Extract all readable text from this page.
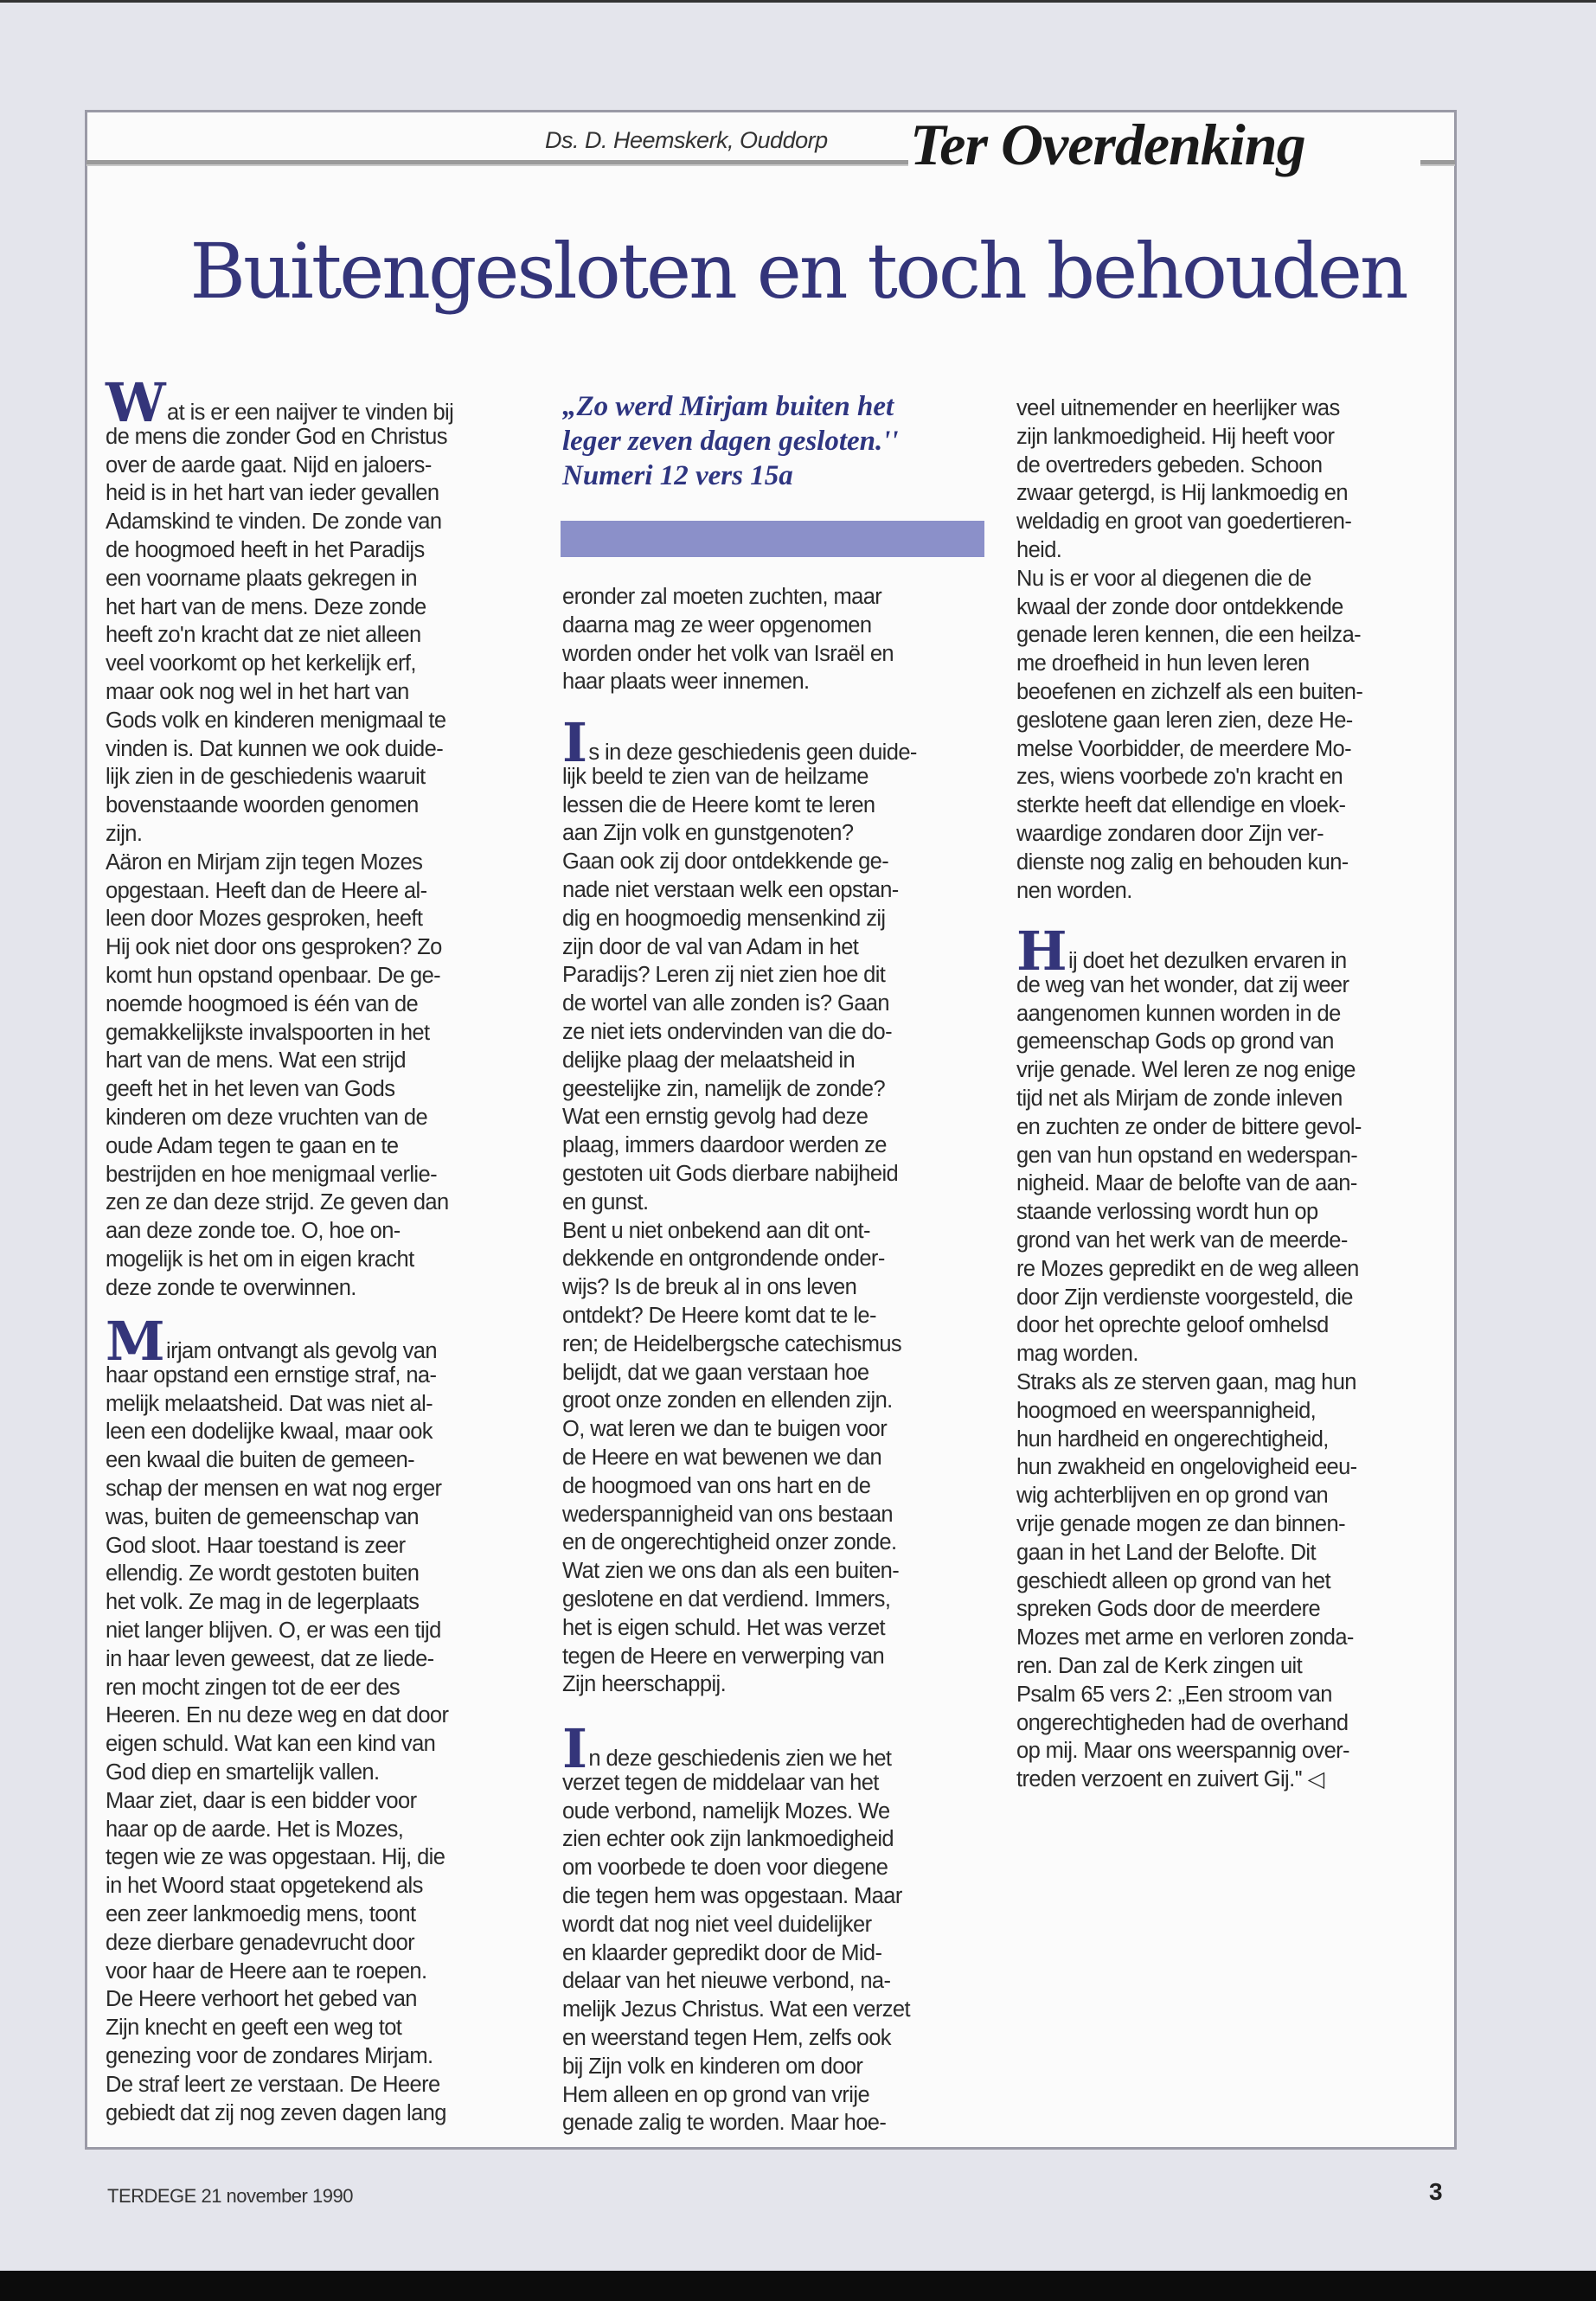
Ds. D. Heemskerk, Ouddorp Ter Overdenking
Buitengesloten en toch behouden
„Zo werd Mirjam buiten het
leger zeven dagen gesloten.''
Numeri 12 vers 15a
Wat is er een naijver te vinden bij
de mens die zonder God en Christus
over de aarde gaat. Nijd en jaloers-
heid is in het hart van ieder gevallen
Adamskind te vinden. De zonde van
de hoogmoed heeft in het Paradijs
een voorname plaats gekregen in
het hart van de mens. Deze zonde
heeft zo'n kracht dat ze niet alleen
veel voorkomt op het kerkelijk erf,
maar ook nog wel in het hart van
Gods volk en kinderen menigmaal te
vinden is. Dat kunnen we ook duide-
lijk zien in de geschiedenis waaruit
bovenstaande woorden genomen
zijn.
Aäron en Mirjam zijn tegen Mozes
opgestaan. Heeft dan de Heere al-
leen door Mozes gesproken, heeft
Hij ook niet door ons gesproken? Zo
komt hun opstand openbaar. De ge-
noemde hoogmoed is één van de
gemakkelijkste invalspoorten in het
hart van de mens. Wat een strijd
geeft het in het leven van Gods
kinderen om deze vruchten van de
oude Adam tegen te gaan en te
bestrijden en hoe menigmaal verlie-
zen ze dan deze strijd. Ze geven dan
aan deze zonde toe. O, hoe on-
mogelijk is het om in eigen kracht
deze zonde te overwinnen.
Mirjam ontvangt als gevolg van
haar opstand een ernstige straf, na-
melijk melaatsheid. Dat was niet al-
leen een dodelijke kwaal, maar ook
een kwaal die buiten de gemeen-
schap der mensen en wat nog erger
was, buiten de gemeenschap van
God sloot. Haar toestand is zeer
ellendig. Ze wordt gestoten buiten
het volk. Ze mag in de legerplaats
niet langer blijven. O, er was een tijd
in haar leven geweest, dat ze liede-
ren mocht zingen tot de eer des
Heeren. En nu deze weg en dat door
eigen schuld. Wat kan een kind van
God diep en smartelijk vallen.
Maar ziet, daar is een bidder voor
haar op de aarde. Het is Mozes,
tegen wie ze was opgestaan. Hij, die
in het Woord staat opgetekend als
een zeer lankmoedig mens, toont
deze dierbare genadevrucht door
voor haar de Heere aan te roepen.
De Heere verhoort het gebed van
Zijn knecht en geeft een weg tot
genezing voor de zondares Mirjam.
De straf leert ze verstaan. De Heere
gebiedt dat zij nog zeven dagen lang
eronder zal moeten zuchten, maar
daarna mag ze weer opgenomen
worden onder het volk van Israël en
haar plaats weer innemen.
Is in deze geschiedenis geen duide-
lijk beeld te zien van de heilzame
lessen die de Heere komt te leren
aan Zijn volk en gunstgenoten?
Gaan ook zij door ontdekkende ge-
nade niet verstaan welk een opstan-
dig en hoogmoedig mensenkind zij
zijn door de val van Adam in het
Paradijs? Leren zij niet zien hoe dit
de wortel van alle zonden is? Gaan
ze niet iets ondervinden van die do-
delijke plaag der melaatsheid in
geestelijke zin, namelijk de zonde?
Wat een ernstig gevolg had deze
plaag, immers daardoor werden ze
gestoten uit Gods dierbare nabijheid
en gunst.
Bent u niet onbekend aan dit ont-
dekkende en ontgrondende onder-
wijs? Is de breuk al in ons leven
ontdekt? De Heere komt dat te le-
ren; de Heidelbergsche catechismus
belijdt, dat we gaan verstaan hoe
groot onze zonden en ellenden zijn.
O, wat leren we dan te buigen voor
de Heere en wat bewenen we dan
de hoogmoed van ons hart en de
wederspannigheid van ons bestaan
en de ongerechtigheid onzer zonde.
Wat zien we ons dan als een buiten-
geslotene en dat verdiend. Immers,
het is eigen schuld. Het was verzet
tegen de Heere en verwerping van
Zijn heerschappij.
In deze geschiedenis zien we het
verzet tegen de middelaar van het
oude verbond, namelijk Mozes. We
zien echter ook zijn lankmoedigheid
om voorbede te doen voor diegene
die tegen hem was opgestaan. Maar
wordt dat nog niet veel duidelijker
en klaarder gepredikt door de Mid-
delaar van het nieuwe verbond, na-
melijk Jezus Christus. Wat een verzet
en weerstand tegen Hem, zelfs ook
bij Zijn volk en kinderen om door
Hem alleen en op grond van vrije
genade zalig te worden. Maar hoe-
veel uitnemender en heerlijker was
zijn lankmoedigheid. Hij heeft voor
de overtreders gebeden. Schoon
zwaar getergd, is Hij lankmoedig en
weldadig en groot van goedertieren-
heid.
Nu is er voor al diegenen die de
kwaal der zonde door ontdekkende
genade leren kennen, die een heilza-
me droefheid in hun leven leren
beoefenen en zichzelf als een buiten-
geslotene gaan leren zien, deze He-
melse Voorbidder, de meerdere Mo-
zes, wiens voorbede zo'n kracht en
sterkte heeft dat ellendige en vloek-
waardige zondaren door Zijn ver-
dienste nog zalig en behouden kun-
nen worden.
Hij doet het dezulken ervaren in
de weg van het wonder, dat zij weer
aangenomen kunnen worden in de
gemeenschap Gods op grond van
vrije genade. Wel leren ze nog enige
tijd net als Mirjam de zonde inleven
en zuchten ze onder de bittere gevol-
gen van hun opstand en wederspan-
nigheid. Maar de belofte van de aan-
staande verlossing wordt hun op
grond van het werk van de meerde-
re Mozes gepredikt en de weg alleen
door Zijn verdienste voorgesteld, die
door het oprechte geloof omhelsd
mag worden.
Straks als ze sterven gaan, mag hun
hoogmoed en weerspannigheid,
hun hardheid en ongerechtigheid,
hun zwakheid en ongelovigheid eeu-
wig achterblijven en op grond van
vrije genade mogen ze dan binnen-
gaan in het Land der Belofte. Dit
geschiedt alleen op grond van het
spreken Gods door de meerdere
Mozes met arme en verloren zonda-
ren. Dan zal de Kerk zingen uit
Psalm 65 vers 2: „Een stroom van
ongerechtigheden had de overhand
op mij. Maar ons weerspannig over-
treden verzoent en zuivert Gij.'' ◁
TERDEGE 21 november 1990	3
